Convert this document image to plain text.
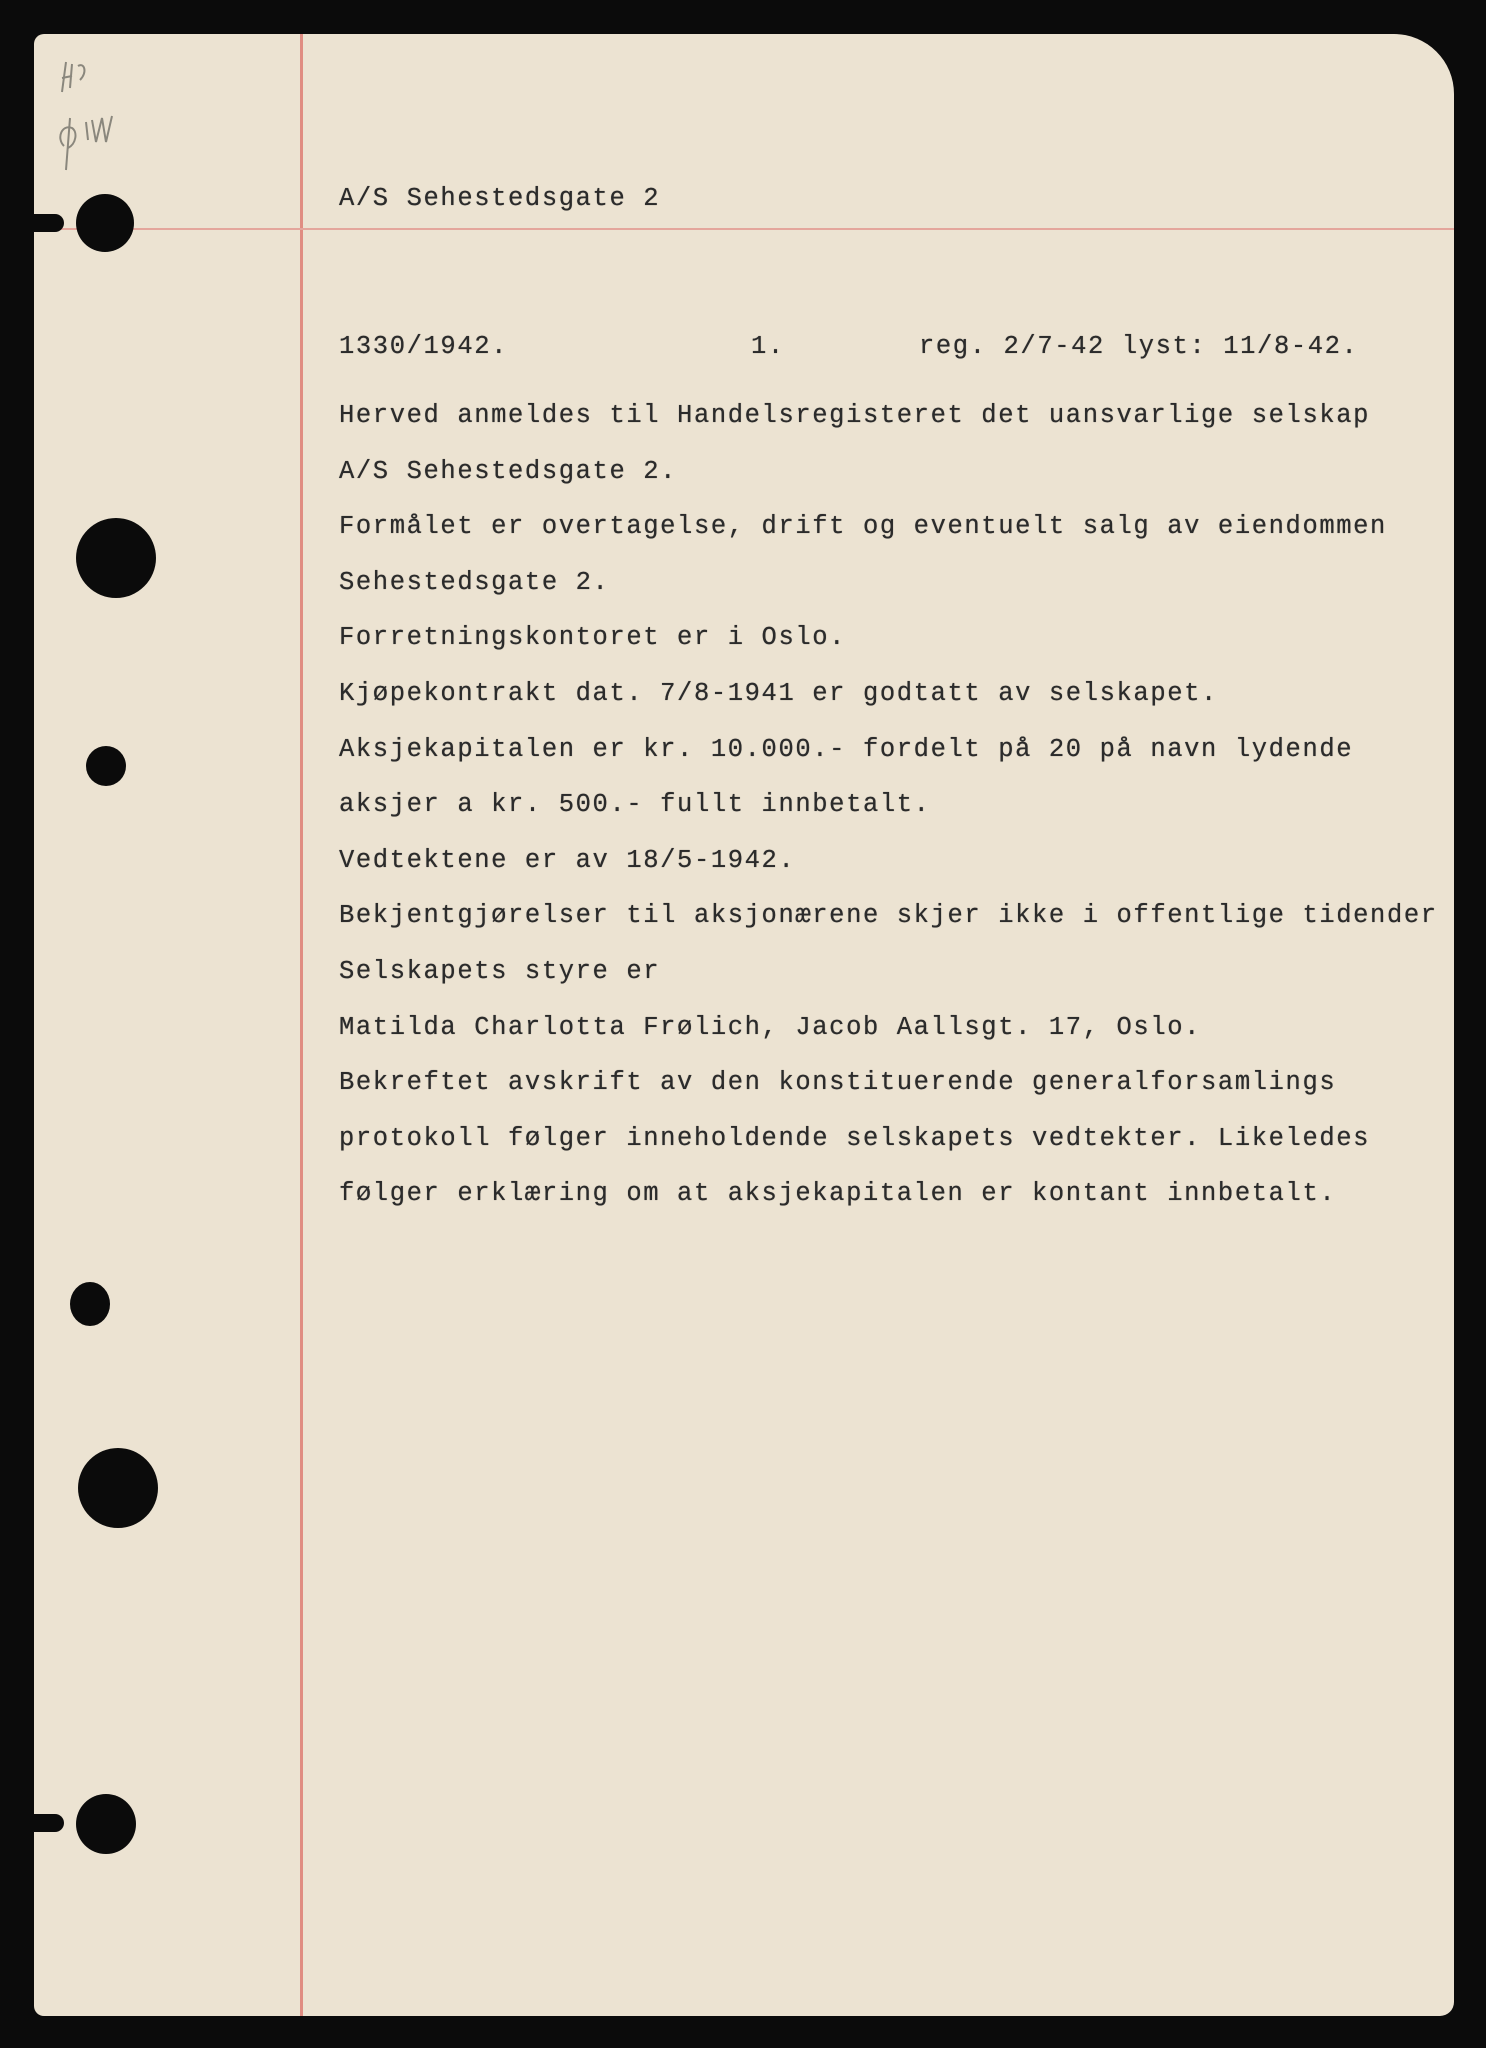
A/S Sehestedsgate 2
1330/1942.	1.	reg. 2/7-42 lyst: 11/8-42.
Herved anmeldes til Handelsregisteret det uansvarlige selskap
A/S Sehestedsgate 2.
Formålet er overtagelse, drift og eventuelt salg av eiendommen
Sehestedsgate 2.
Forretningskontoret er i Oslo.
Kjøpekontrakt dat. 7/8-1941 er godtatt av selskapet.
Aksjekapitalen er kr. 10.000.- fordelt på 20 på navn lydende
aksjer a kr. 500.- fullt innbetalt.
Vedtektene er av 18/5-1942.
Bekjentgjørelser til aksjonærene skjer ikke i offentlige tidender
Selskapets styre er
Matilda Charlotta Frølich, Jacob Aallsgt. 17, Oslo.
Bekreftet avskrift av den konstituerende generalforsamlings
protokoll følger inneholdende selskapets vedtekter. Likeledes
følger erklæring om at aksjekapitalen er kontant innbetalt.
